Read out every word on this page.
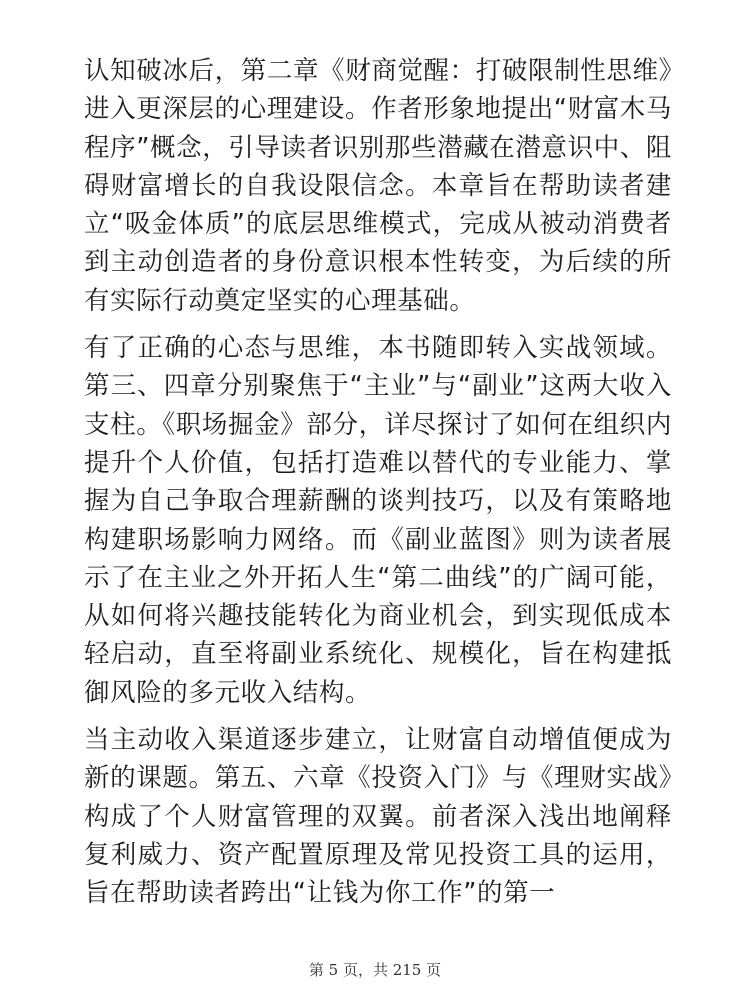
认知破冰后，第二章《财商觉醒：打破限制性思维》进入更深层的心理建设。作者形象地提出“财富木马程序”概念，引导读者识别那些潜藏在潜意识中、阻碍财富增长的自我设限信念。本章旨在帮助读者建立“吸金体质”的底层思维模式，完成从被动消费者到主动创造者的身份意识根本性转变，为后续的所有实际行动奠定坚实的心理基础。

有了正确的心态与思维，本书随即转入实战领域。第三、四章分别聚焦于“主业”与“副业”这两大收入支柱。《职场掘金》部分，详尽探讨了如何在组织内提升个人价值，包括打造难以替代的专业能力、掌握为自己争取合理薪酬的谈判技巧，以及有策略地构建职场影响力网络。而《副业蓝图》则为读者展示了在主业之外开拓人生“第二曲线”的广阔可能，从如何将兴趣技能转化为商业机会，到实现低成本轻启动，直至将副业系统化、规模化，旨在构建抵御风险的多元收入结构。

当主动收入渠道逐步建立，让财富自动增值便成为新的课题。第五、六章《投资入门》与《理财实战》构成了个人财富管理的双翼。前者深入浅出地阐释复利威力、资产配置原理及常见投资工具的运用，旨在帮助读者跨出“让钱为你工作”的第一

第 5 页，共 215 页
